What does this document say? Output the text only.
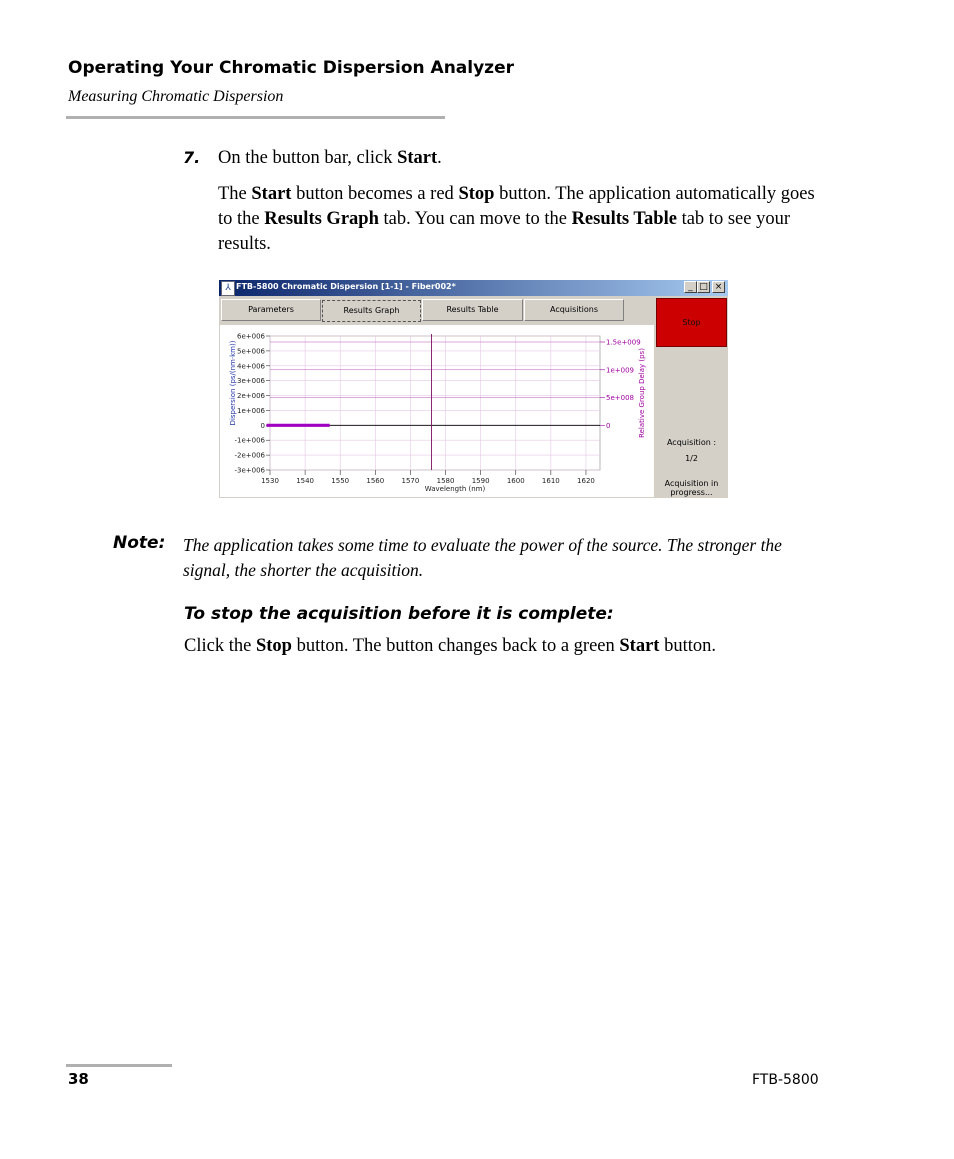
Operating Your Chromatic Dispersion Analyzer
Measuring Chromatic Dispersion
7. On the button bar, click Start.
The Start button becomes a red Stop button. The application automatically goes to the Results Graph tab. You can move to the Results Table tab to see your results.
⅄ FTB-5800 Chromatic Dispersion [1-1] - Fiber002*	_ □ ×
Parameters	Results Graph	Results Table	Acquisitions
Stop
Acquisition :
1/2
Acquisition in progress...
6e+006
5e+006
4e+006
3e+006
2e+006
1e+006
0
-1e+006
-2e+006
-3e+006
1.5e+009
1e+009
5e+008
0
1530 1540 1550 1560 1570 1580 1590 1600 1610 1620
Wavelength (nm)
Dispersion (ps/(nm·km))	Relative Group Delay (ps)
Note: The application takes some time to evaluate the power of the source. The stronger the signal, the shorter the acquisition.
To stop the acquisition before it is complete:
Click the Stop button. The button changes back to a green Start button.
38	FTB-5800
